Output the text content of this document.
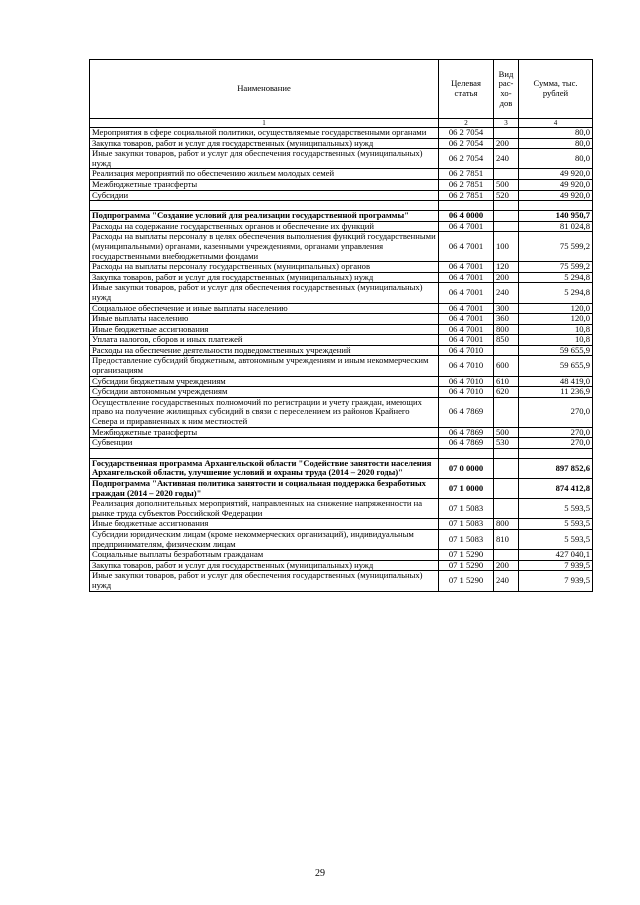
Наименование	Целевая статья	Вид рас-хо-дов	Сумма, тыс. рублей
1	2	3	4
Мероприятия в сфере социальной политики, осуществляемые государственными органами	06 2 7054		80,0
Закупка товаров, работ и услуг для государственных (муниципальных) нужд	06 2 7054	200	80,0
Иные закупки товаров, работ и услуг для обеспечения государственных (муниципальных) нужд	06 2 7054	240	80,0
Реализация мероприятий по обеспечению жильем молодых семей	06 2 7851		49 920,0
Межбюджетные трансферты	06 2 7851	500	49 920,0
Субсидии	06 2 7851	520	49 920,0

Подпрограмма "Создание условий для реализации государственной программы"	06 4 0000		140 950,7
Расходы на содержание государственных органов и обеспечение их функций	06 4 7001		81 024,8
Расходы на выплаты персоналу в целях обеспечения выполнения функций государственными (муниципальными) органами, казенными учреждениями, органами управления государственными внебюджетными фондами	06 4 7001	100	75 599,2
Расходы на выплаты персоналу государственных (муниципальных) органов	06 4 7001	120	75 599,2
Закупка товаров, работ и услуг для государственных (муниципальных) нужд	06 4 7001	200	5 294,8
Иные закупки товаров, работ и услуг для обеспечения государственных (муниципальных) нужд	06 4 7001	240	5 294,8
Социальное обеспечение и иные выплаты населению	06 4 7001	300	120,0
Иные выплаты населению	06 4 7001	360	120,0
Иные бюджетные ассигнования	06 4 7001	800	10,8
Уплата налогов, сборов и иных платежей	06 4 7001	850	10,8
Расходы на обеспечение деятельности подведомственных учреждений	06 4 7010		59 655,9
Предоставление субсидий бюджетным, автономным учреждениям и иным некоммерческим организациям	06 4 7010	600	59 655,9
Субсидии бюджетным учреждениям	06 4 7010	610	48 419,0
Субсидии автономным учреждениям	06 4 7010	620	11 236,9
Осуществление государственных полномочий по регистрации и учету граждан, имеющих право на получение жилищных субсидий в связи с переселением из районов Крайнего Севера и приравненных к ним местностей	06 4 7869		270,0
Межбюджетные трансферты	06 4 7869	500	270,0
Субвенции	06 4 7869	530	270,0

Государственная программа Архангельской области "Содействие занятости населения Архангельской области, улучшение условий и охраны труда (2014 – 2020 годы)"	07 0 0000		897 852,6
Подпрограмма "Активная политика занятости и социальная поддержка безработных граждан (2014 – 2020 годы)"	07 1 0000		874 412,8
Реализация дополнительных мероприятий, направленных на снижение напряженности на рынке труда субъектов Российской Федерации	07 1 5083		5 593,5
Иные бюджетные ассигнования	07 1 5083	800	5 593,5
Субсидии юридическим лицам (кроме некоммерческих организаций), индивидуальным предпринимателям, физическим лицам	07 1 5083	810	5 593,5
Социальные выплаты безработным гражданам	07 1 5290		427 040,1
Закупка товаров, работ и услуг для государственных (муниципальных) нужд	07 1 5290	200	7 939,5
Иные закупки товаров, работ и услуг для обеспечения государственных (муниципальных) нужд	07 1 5290	240	7 939,5
29
